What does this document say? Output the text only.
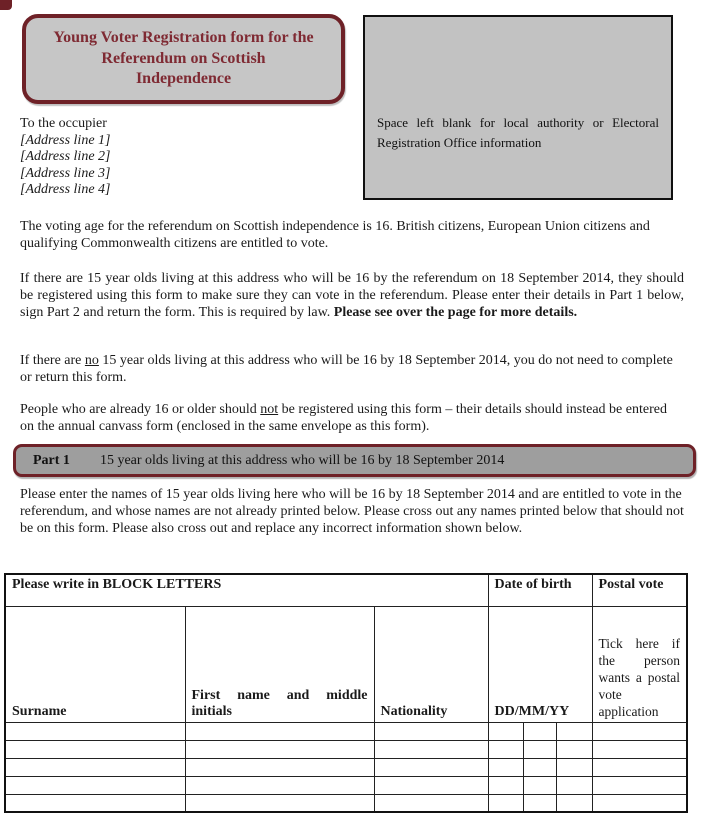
Young Voter Registration form for the Referendum on Scottish Independence

Space left blank for local authority or Electoral Registration Office information

To the occupier
[Address line 1]
[Address line 2]
[Address line 3]
[Address line 4]

The voting age for the referendum on Scottish independence is 16. British citizens, European Union citizens and qualifying Commonwealth citizens are entitled to vote.

If there are 15 year olds living at this address who will be 16 by the referendum on 18 September 2014, they should be registered using this form to make sure they can vote in the referendum. Please enter their details in Part 1 below, sign Part 2 and return the form. This is required by law. Please see over the page for more details.

If there are no 15 year olds living at this address who will be 16 by 18 September 2014, you do not need to complete or return this form.

People who are already 16 or older should not be registered using this form – their details should instead be entered on the annual canvass form (enclosed in the same envelope as this form).

Part 1	15 year olds living at this address who will be 16 by 18 September 2014

Please enter the names of 15 year olds living here who will be 16 by 18 September 2014 and are entitled to vote in the referendum, and whose names are not already printed below. Please cross out any names printed below that should not be on this form. Please also cross out and replace any incorrect information shown below.

Please write in BLOCK LETTERS			Date of birth			Postal vote
Surname	First name and middle initials	Nationality	DD/MM/YY			Tick here if the person wants a postal vote application
